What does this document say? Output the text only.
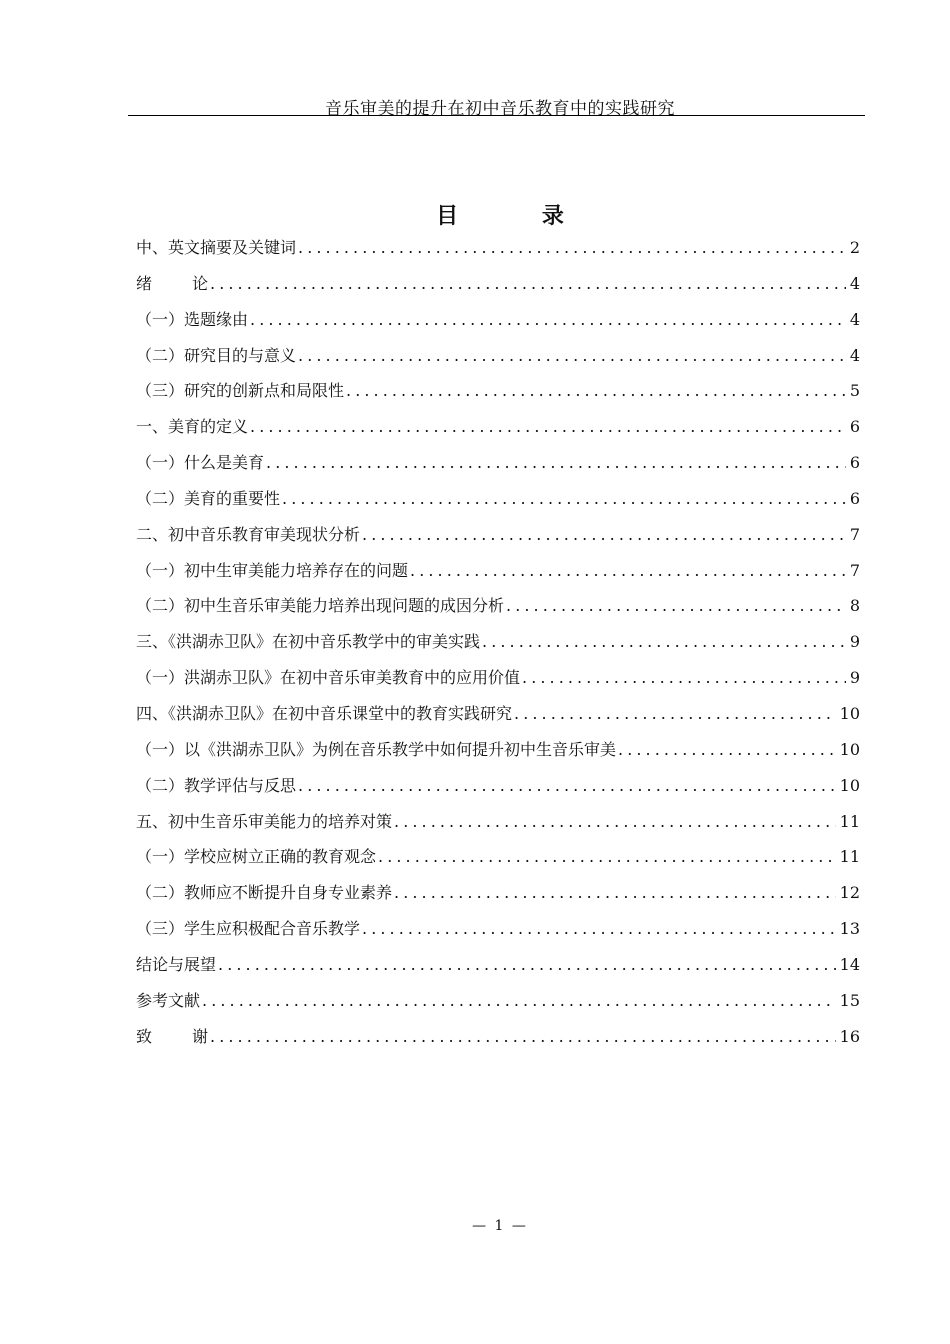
音乐审美的提升在初中音乐教育中的实践研究
目 录
中、英文摘要及关键词 . . .	2
绪 论 . . .	4
（一）选题缘由 . . .	4
（二）研究目的与意义 . . .	4
（三）研究的创新点和局限性 . . .	5
一、美育的定义 . . .	6
（一）什么是美育 . . .	6
（二）美育的重要性 . . .	6
二、初中音乐教育审美现状分析 . . .	7
（一）初中生审美能力培养存在的问题 . . .	7
（二）初中生音乐审美能力培养出现问题的成因分析 . . .	8
三、《洪湖赤卫队》在初中音乐教学中的审美实践 . . .	9
（一）洪湖赤卫队》在初中音乐审美教育中的应用价值 . . .	9
四、《洪湖赤卫队》在初中音乐课堂中的教育实践研究 . . .	10
（一）以《洪湖赤卫队》为例在音乐教学中如何提升初中生音乐审美 . . .	10
（二）教学评估与反思 . . .	10
五、初中生音乐审美能力的培养对策 . . .	11
（一）学校应树立正确的教育观念 . . .	11
（二）教师应不断提升自身专业素养 . . .	12
（三）学生应积极配合音乐教学 . . .	13
结论与展望 . . .	14
参考文献 . . .	15
致 谢 . . .	16
— 1 —
